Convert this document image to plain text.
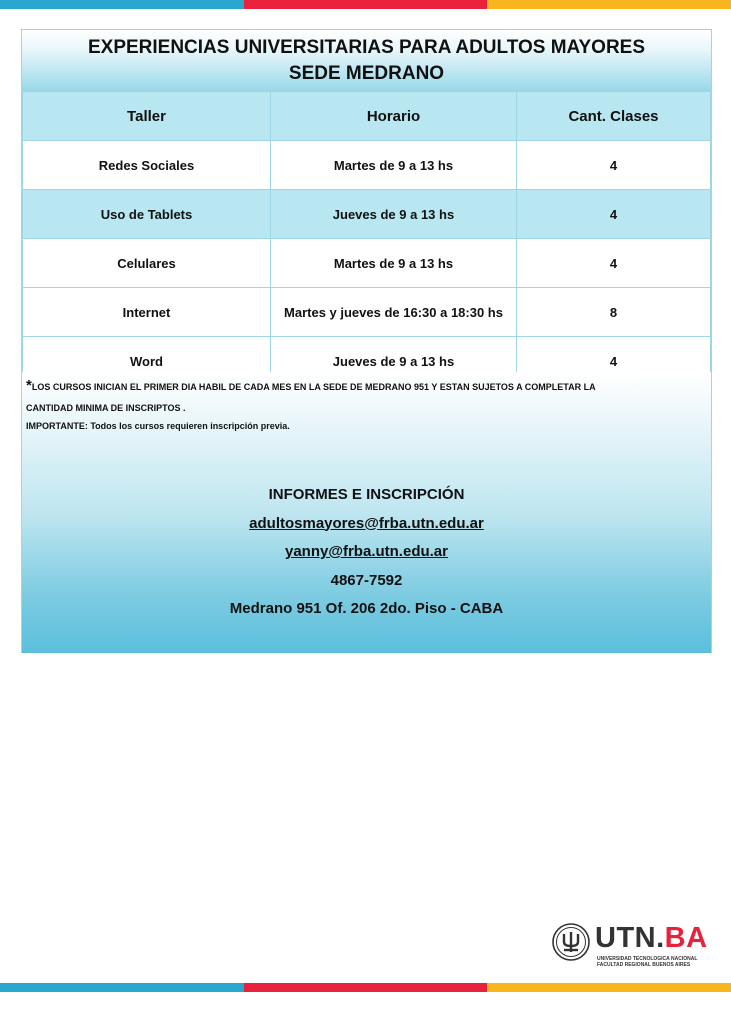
EXPERIENCIAS UNIVERSITARIAS PARA ADULTOS MAYORES
SEDE MEDRANO
Taller	Horario	Cant. Clases
Redes Sociales	Martes de 9 a 13 hs	4
Uso de Tablets	Jueves de 9 a 13 hs	4
Celulares	Martes de 9 a 13 hs	4
Internet	Martes y jueves de 16:30 a 18:30 hs	8
Word	Jueves de 9 a 13 hs	4
*LOS CURSOS INICIAN EL PRIMER DIA HABIL DE CADA MES EN LA SEDE DE MEDRANO 951 Y ESTAN SUJETOS A COMPLETAR LA
CANTIDAD MINIMA DE INSCRIPTOS .
IMPORTANTE: Todos los cursos requieren inscripción previa.
INFORMES E INSCRIPCIÓN
adultosmayores@frba.utn.edu.ar
yanny@frba.utn.edu.ar
4867-7592
Medrano 951 Of. 206 2do. Piso - CABA
UTN.BA
UNIVERSIDAD TECNOLOGICA NACIONAL
FACULTAD REGIONAL BUENOS AIRES
